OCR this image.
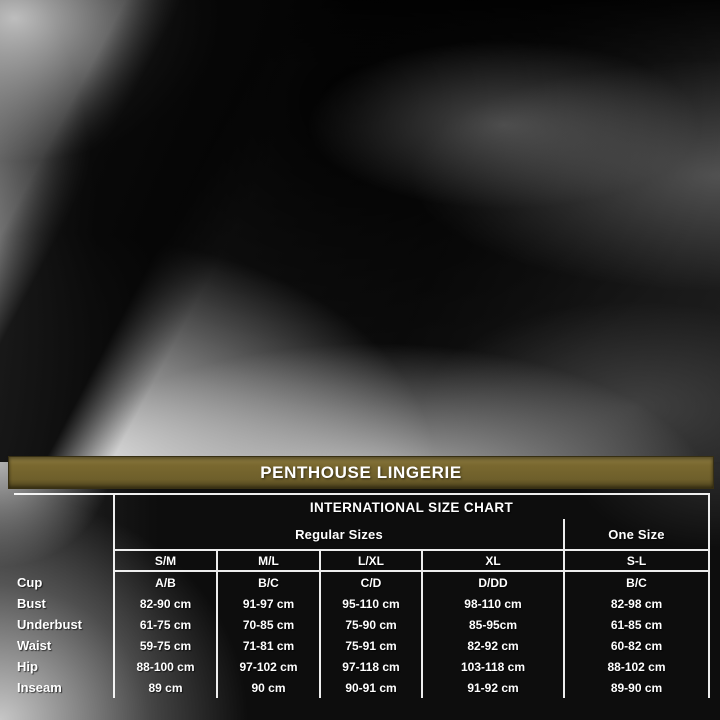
PENTHOUSE LINGERIE
INTERNATIONAL SIZE CHART
Regular Sizes	One Size
S/M	M/L	L/XL	XL	S-L
Cup	A/B	B/C	C/D	D/DD	B/C
Bust	82-90 cm	91-97 cm	95-110 cm	98-110 cm	82-98 cm
Underbust	61-75 cm	70-85 cm	75-90 cm	85-95cm	61-85 cm
Waist	59-75 cm	71-81 cm	75-91 cm	82-92 cm	60-82 cm
Hip	88-100 cm	97-102 cm	97-118 cm	103-118 cm	88-102 cm
Inseam	89 cm	90 cm	90-91 cm	91-92 cm	89-90 cm
